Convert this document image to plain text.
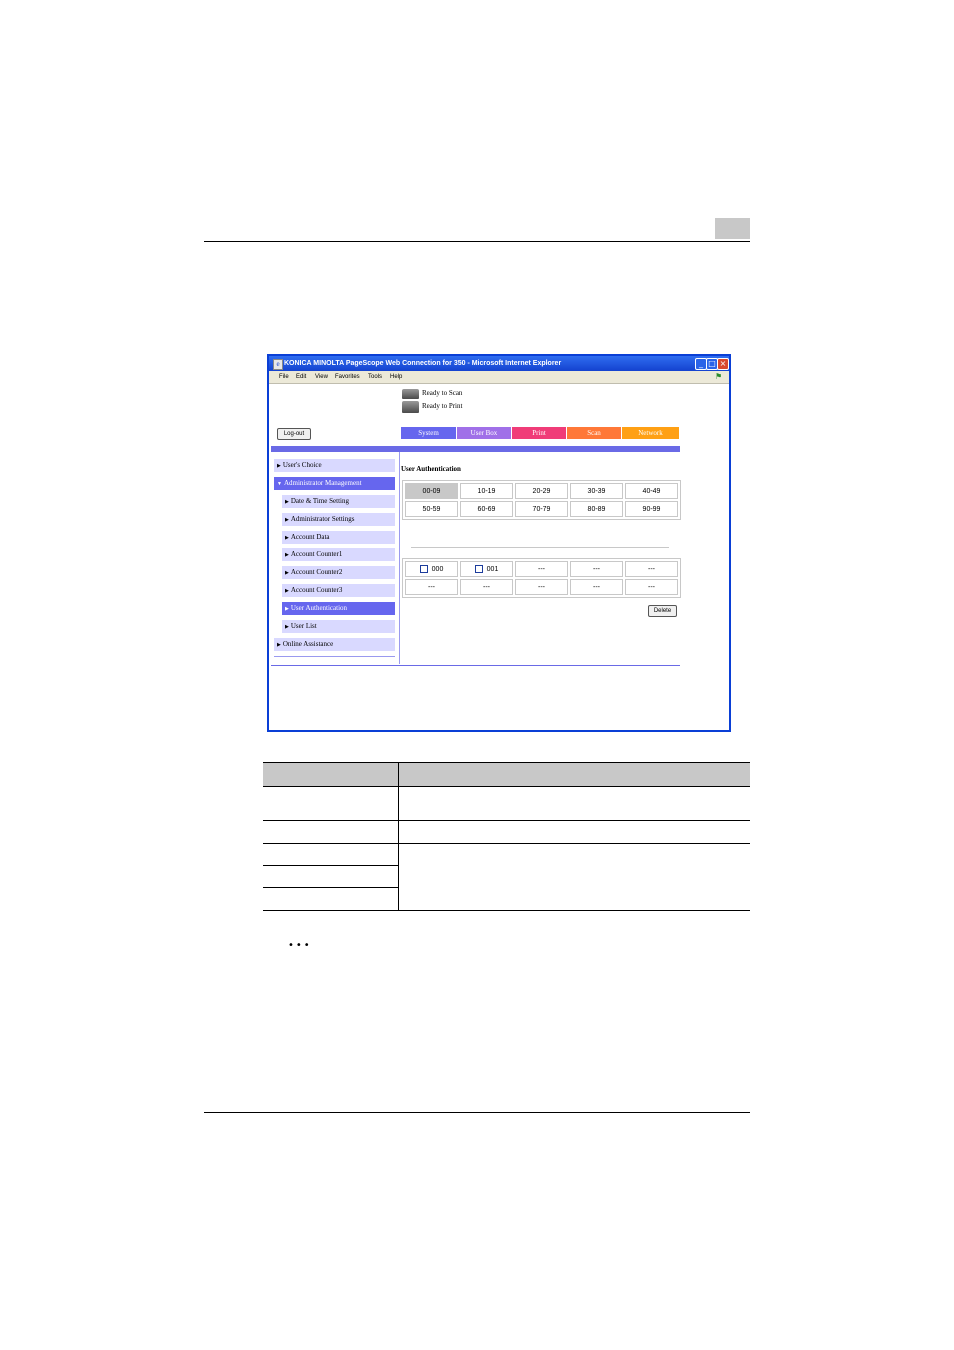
e KONICA MINOLTA PageScope Web Connection for 350 - Microsoft Internet Explorer	_ □ ×
File Edit View Favorites Tools Help	⚑
Ready to Scan
Ready to Print
Log-out	System	User Box	Print	Scan	Network
▶ User's Choice
▼ Administrator Management
▶ Date & Time Setting
▶ Administrator Settings
▶ Account Data
▶ Account Counter1
▶ Account Counter2
▶ Account Counter3
▶ User Authentication
▶ User List
▶ Online Assistance
User Authentication
00-09	10-19	20-29	30-39	40-49
50-59	60-69	70-79	80-89	90-99
000	001	---	---	---
---	---	---	---	---
Delete
•••
